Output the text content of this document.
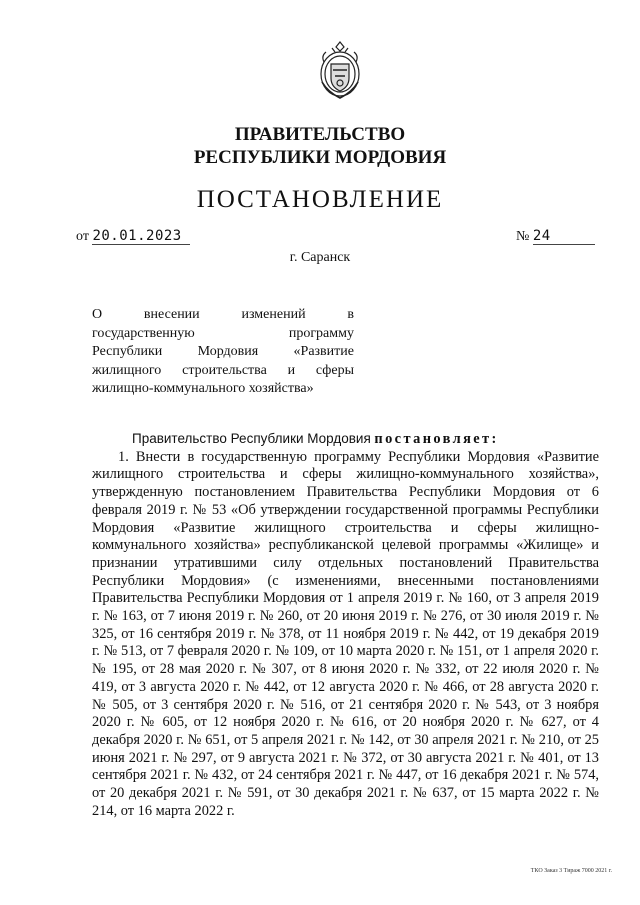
ПРАВИТЕЛЬСТВО
РЕСПУБЛИКИ МОРДОВИЯ
ПОСТАНОВЛЕНИЕ
от 20.01.2023	№ 24
г. Саранск
О внесении изменений в
государственную программу
Республики Мордовия «Развитие
жилищного строительства и сферы
жилищно-коммунального хозяйства»

Правительство Республики Мордовия постановляет:

1. Внести в государственную программу Республики Мордовия «Развитие жилищного строительства и сферы жилищно-коммунального хозяйства», утвержденную постановлением Правительства Республики Мордовия от 6 февраля 2019 г. № 53 «Об утверждении государственной программы Республики Мордовия «Развитие жилищного строительства и сферы жилищно-коммунального хозяйства» республиканской целевой программы «Жилище» и признании утратившими силу отдельных постановлений Правительства Республики Мордовия» (с изменениями, внесенными постановлениями Правительства Республики Мордовия от 1 апреля 2019 г. № 160, от 3 апреля 2019 г. № 163, от 7 июня 2019 г. № 260, от 20 июня 2019 г. № 276, от 30 июля 2019 г. № 325, от 16 сентября 2019 г. № 378, от 11 ноября 2019 г. № 442, от 19 декабря 2019 г. № 513, от 7 февраля 2020 г. № 109, от 10 марта 2020 г. № 151, от 1 апреля 2020 г. № 195, от 28 мая 2020 г. № 307, от 8 июня 2020 г. № 332, от 22 июля 2020 г. № 419, от 3 августа 2020 г. № 442, от 12 августа 2020 г. № 466, от 28 августа 2020 г. № 505, от 3 сентября 2020 г. № 516, от 21 сентября 2020 г. № 543, от 3 ноября 2020 г. № 605, от 12 ноября 2020 г. № 616, от 20 ноября 2020 г. № 627, от 4 декабря 2020 г. № 651, от 5 апреля 2021 г. № 142, от 30 апреля 2021 г. № 210, от 25 июня 2021 г. № 297, от 9 августа 2021 г. № 372, от 30 августа 2021 г. № 401, от 13 сентября 2021 г. № 432, от 24 сентября 2021 г. № 447, от 16 декабря 2021 г. № 574, от 20 декабря 2021 г. № 591, от 30 декабря 2021 г. № 637, от 15 марта 2022 г. № 214, от 16 марта 2022 г.

ТКО Заказ 3 Тираж 7000 2021 г.
